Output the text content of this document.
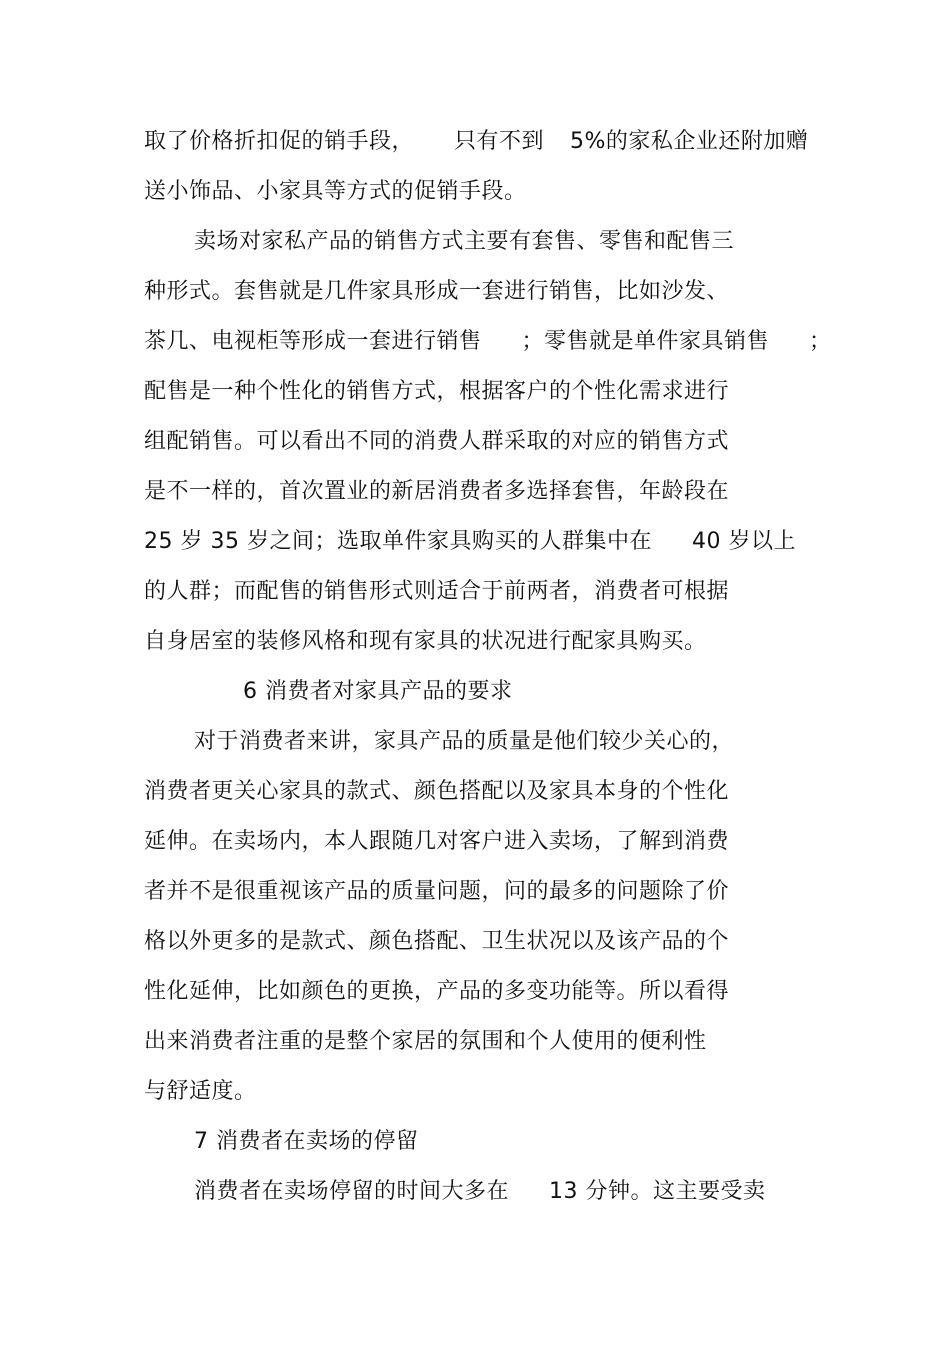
取了价格折扣促的销手段， 只有不到 5%的家私企业还附加赠
送小饰品、小家具等方式的促销手段。
卖场对家私产品的销售方式主要有套售、零售和配售三
种形式。套售就是几件家具形成一套进行销售，比如沙发、
茶几、电视柜等形成一套进行销售 ；零售就是单件家具销售 ；
配售是一种个性化的销售方式，根据客户的个性化需求进行
组配销售。可以看出不同的消费人群采取的对应的销售方式
是不一样的，首次置业的新居消费者多选择套售，年龄段在
25 岁 35 岁之间；选取单件家具购买的人群集中在 40 岁以上
的人群；而配售的销售形式则适合于前两者，消费者可根据
自身居室的装修风格和现有家具的状况进行配家具购买。
6 消费者对家具产品的要求
对于消费者来讲，家具产品的质量是他们较少关心的，
消费者更关心家具的款式、颜色搭配以及家具本身的个性化
延伸。在卖场内，本人跟随几对客户进入卖场，了解到消费
者并不是很重视该产品的质量问题，问的最多的问题除了价
格以外更多的是款式、颜色搭配、卫生状况以及该产品的个
性化延伸，比如颜色的更换，产品的多变功能等。所以看得
出来消费者注重的是整个家居的氛围和个人使用的便利性
与舒适度。
7 消费者在卖场的停留
消费者在卖场停留的时间大多在 13 分钟。这主要受卖
